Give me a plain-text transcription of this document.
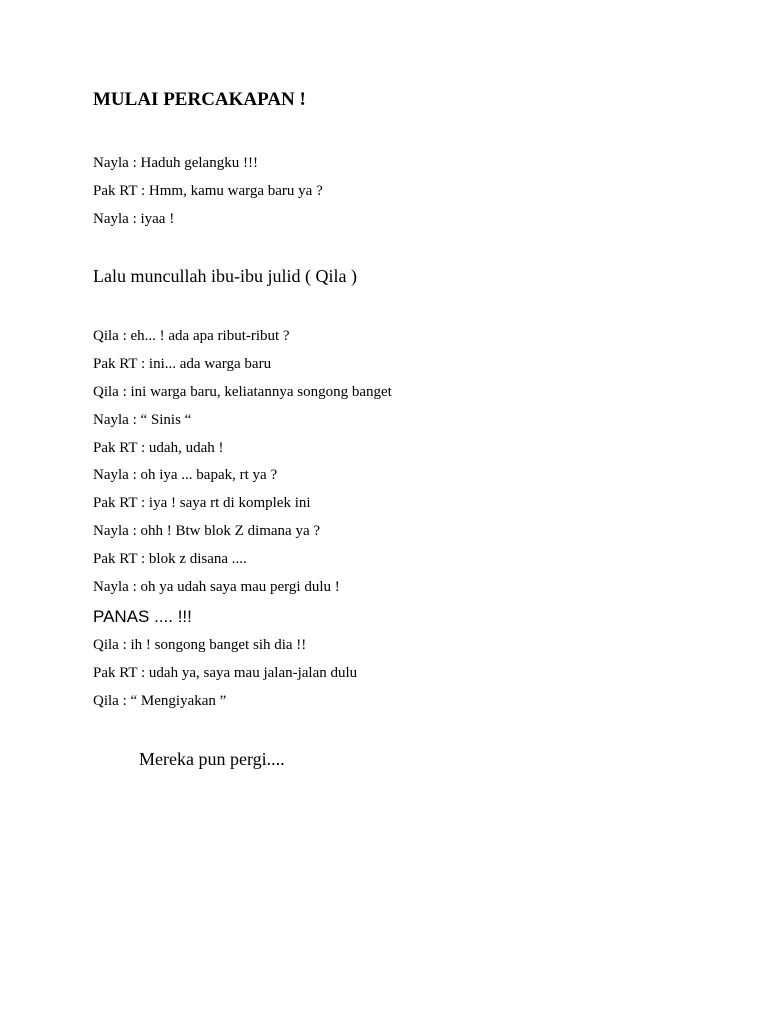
MULAI PERCAKAPAN !
Nayla : Haduh gelangku !!!
Pak RT : Hmm, kamu warga baru ya ?
Nayla : iyaa !
Lalu muncullah ibu-ibu julid ( Qila )
Qila : eh... ! ada apa ribut-ribut ?
Pak RT : ini... ada warga baru
Qila : ini warga baru, keliatannya songong banget
Nayla : “ Sinis “
Pak RT : udah, udah !
Nayla : oh iya ... bapak, rt ya ?
Pak RT : iya ! saya rt di komplek ini
Nayla : ohh ! Btw blok Z dimana ya ?
Pak RT : blok z disana ....
Nayla : oh ya udah saya mau pergi dulu !
PANAS .... !!!
Qila : ih ! songong banget sih dia !!
Pak RT : udah ya, saya mau jalan-jalan dulu
Qila : “ Mengiyakan ”
Mereka pun pergi....
